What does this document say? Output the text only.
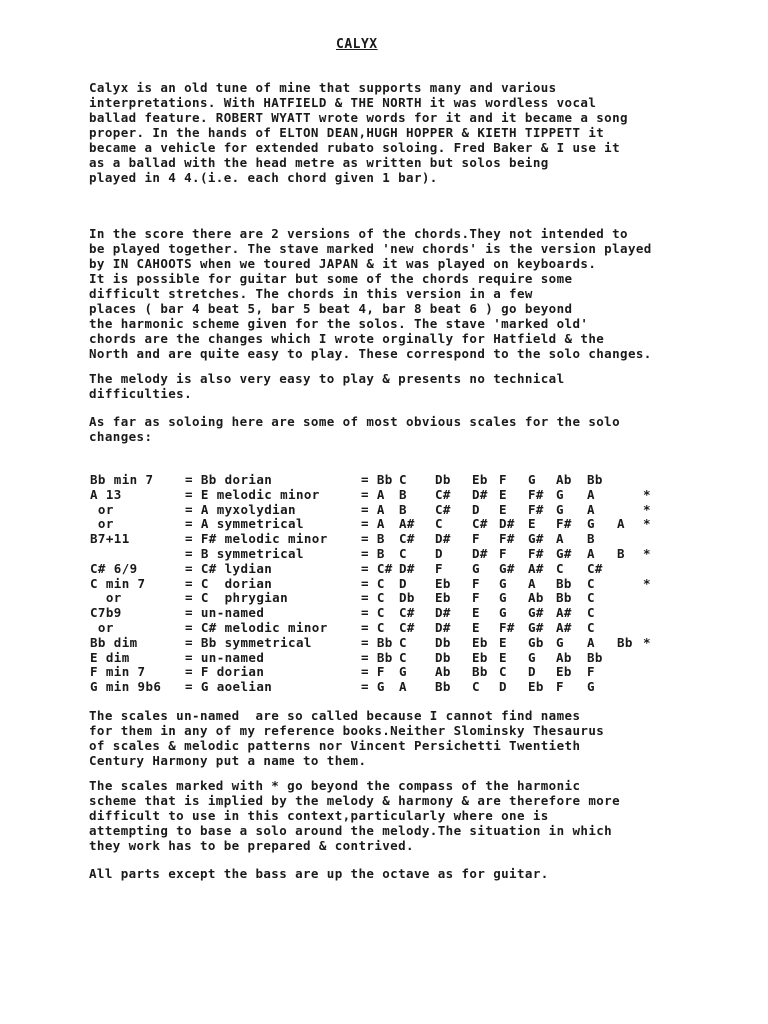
CALYX
Calyx is an old tune of mine that supports many and various
interpretations. With HATFIELD & THE NORTH it was wordless vocal
ballad feature. ROBERT WYATT wrote words for it and it became a song
proper. In the hands of ELTON DEAN,HUGH HOPPER & KIETH TIPPETT it
became a vehicle for extended rubato soloing. Fred Baker & I use it
as a ballad with the head metre as written but solos being
played in 4 4.(i.e. each chord given 1 bar).
In the score there are 2 versions of the chords.They not intended to
be played together. The stave marked 'new chords' is the version played
by IN CAHOOTS when we toured JAPAN & it was played on keyboards.
It is possible for guitar but some of the chords require some
difficult stretches. The chords in this version in a few
places ( bar 4 beat 5, bar 5 beat 4, bar 8 beat 6 ) go beyond
the harmonic scheme given for the solos. The stave 'marked old'
chords are the changes which I wrote orginally for Hatfield & the
North and are quite easy to play. These correspond to the solo changes.
The melody is also very easy to play & presents no technical
difficulties.
As far as soloing here are some of most obvious scales for the solo
changes:
Bb min 7	= Bb dorian	= Bb C Db Eb F G Ab Bb
A 13	= E melodic minor	= A B C# D# E F# G A	*
or	= A myxolydian	= A B C# D E F# G A	*
or	= A symmetrical	= A A# C C# D# E F# G A *
B7+11	= F# melodic minor	= B C# D# F F# G# A B
= B symmetrical	= B C D D# F F# G# A B *
C# 6/9	= C# lydian	= C# D# F G G# A# C C#
C min 7	= C  dorian	= C D Eb F G A Bb C	*
or	= C  phrygian	= C Db Eb F G Ab Bb C
C7b9	= un-named	= C C# D# E G G# A# C
or	= C# melodic minor	= C C# D# E F# G# A# C
Bb dim	= Bb symmetrical	= Bb C Db Eb E Gb G A Bb *
E dim	= un-named	= Bb C Db Eb E G Ab Bb
F min 7	= F dorian	= F G Ab Bb C D Eb F
G min 9b6 = G aoelian	= G A Bb C D Eb F G
The scales un-named  are so called because I cannot find names
for them in any of my reference books.Neither Slominsky Thesaurus
of scales & melodic patterns nor Vincent Persichetti Twentieth
Century Harmony put a name to them.
The scales marked with * go beyond the compass of the harmonic
scheme that is implied by the melody & harmony & are therefore more
difficult to use in this context,particularly where one is
attempting to base a solo around the melody.The situation in which
they work has to be prepared & contrived.
All parts except the bass are up the octave as for guitar.
